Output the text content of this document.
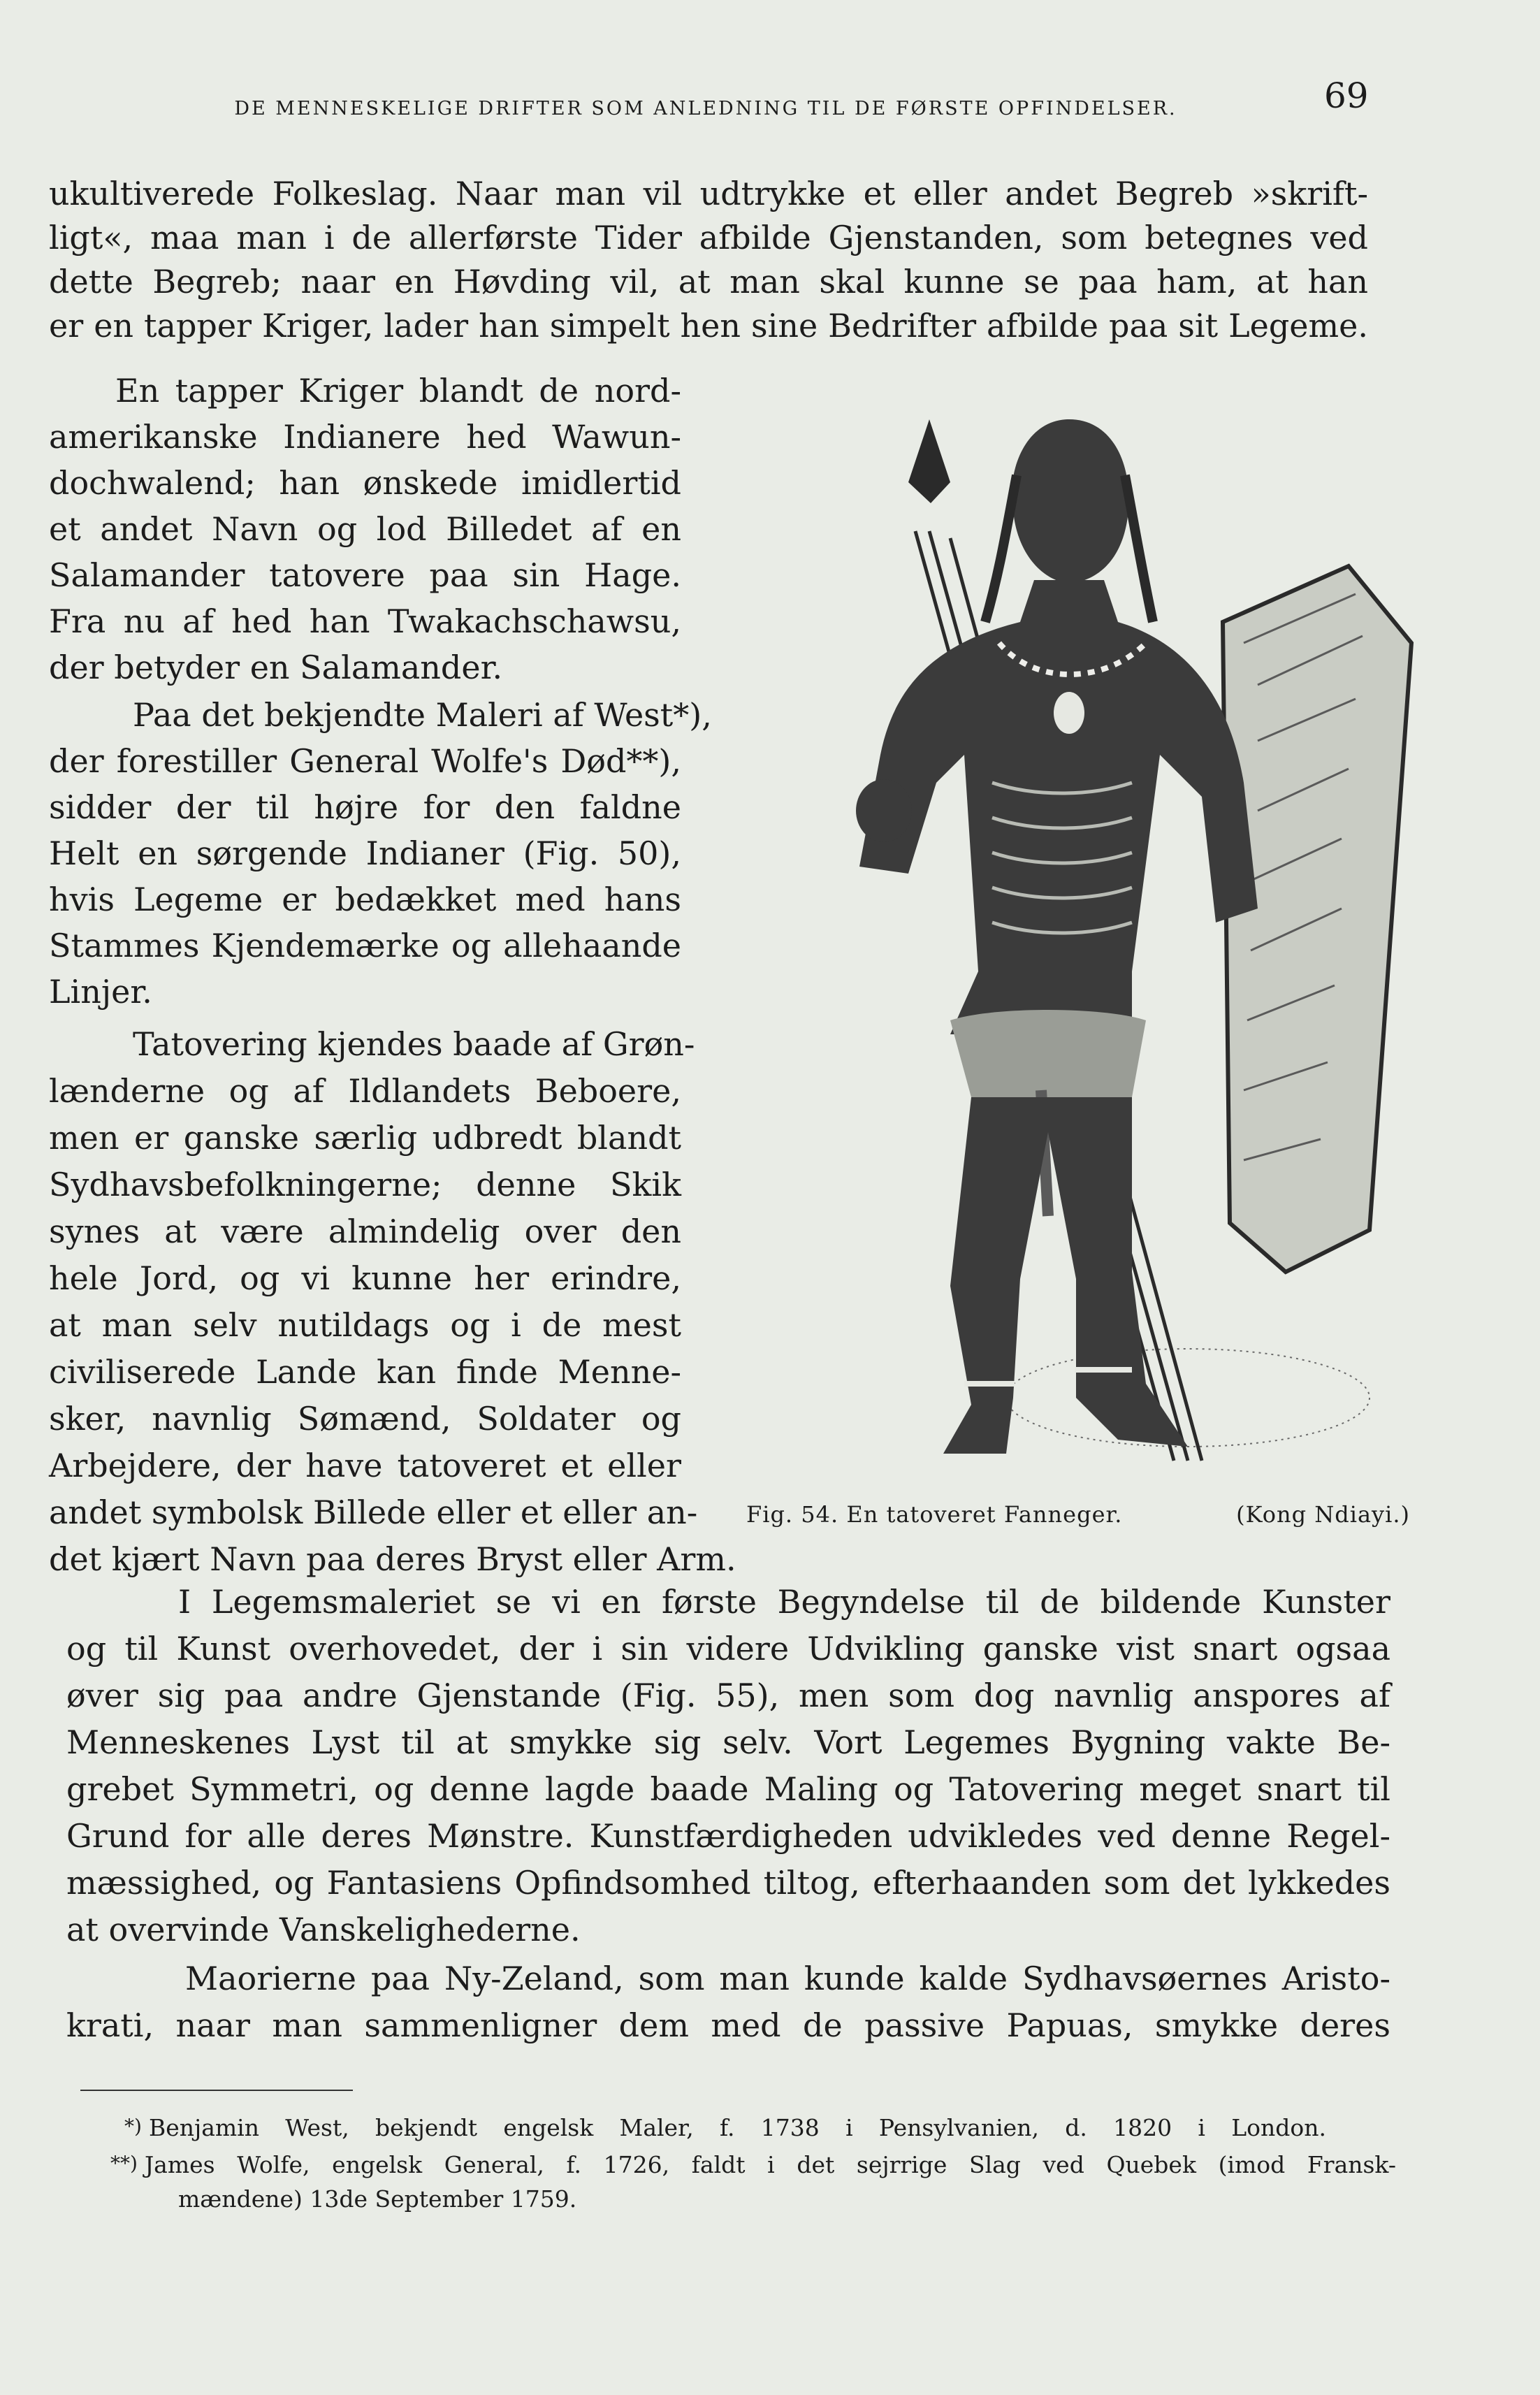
DE MENNESKELIGE DRIFTER SOM ANLEDNING TIL DE FØRSTE OPFINDELSER.	69

ukultiverede Folkeslag. Naar man vil udtrykke et eller andet Begreb »skrift-

ligt«, maa man i de allerførste Tider afbilde Gjenstanden, som betegnes ved

dette Begreb; naar en Høvding vil, at man skal kunne se paa ham, at han

er en tapper Kriger, lader han simpelt hen sine Bedrifter afbilde paa sit Legeme.

En tapper Kriger blandt de nord-

amerikanske Indianere hed Wawun-

dochwalend; han ønskede imidlertid

et andet Navn og lod Billedet af en

Salamander tatovere paa sin Hage.

Fra nu af hed han Twakachschawsu,

der betyder en Salamander.

Paa det bekjendte Maleri af West*),

der forestiller General Wolfe's Død**),

sidder der til højre for den faldne

Helt en sørgende Indianer (Fig. 50),

hvis Legeme er bedækket med hans

Stammes Kjendemærke og allehaande

Linjer.

Tatovering kjendes baade af Grøn-

lænderne og af Ildlandets Beboere,

men er ganske særlig udbredt blandt

Sydhavsbefolkningerne; denne Skik

synes at være almindelig over den

hele Jord, og vi kunne her erindre,

at man selv nutildags og i de mest

civiliserede Lande kan finde Menne-

sker, navnlig Sømænd, Soldater og

Arbejdere, der have tatoveret et eller

andet symbolsk Billede eller et eller an-

det kjært Navn paa deres Bryst eller Arm.

I Legemsmaleriet se vi en første Begyndelse til de bildende Kunster

og til Kunst overhovedet, der i sin videre Udvikling ganske vist snart ogsaa

øver sig paa andre Gjenstande (Fig. 55), men som dog navnlig anspores af

Menneskenes Lyst til at smykke sig selv. Vort Legemes Bygning vakte Be-

grebet Symmetri, og denne lagde baade Maling og Tatovering meget snart til

Grund for alle deres Mønstre. Kunstfærdigheden udvikledes ved denne Regel-

mæssighed, og Fantasiens Opfindsomhed tiltog, efterhaanden som det lykkedes

at overvinde Vanskelighederne.

Maorierne paa Ny-Zeland, som man kunde kalde Sydhavsøernes Aristo-

krati, naar man sammenligner dem med de passive Papuas, smykke deres

Fig. 54. En tatoveret Fanneger.	(Kong Ndiayi.)
*) Benjamin West, bekjendt engelsk Maler, f. 1738 i Pensylvanien, d. 1820 i London.
**) James Wolfe, engelsk General, f. 1726, faldt i det sejrrige Slag ved Quebek (imod Fransk-
mændene) 13de September 1759.
